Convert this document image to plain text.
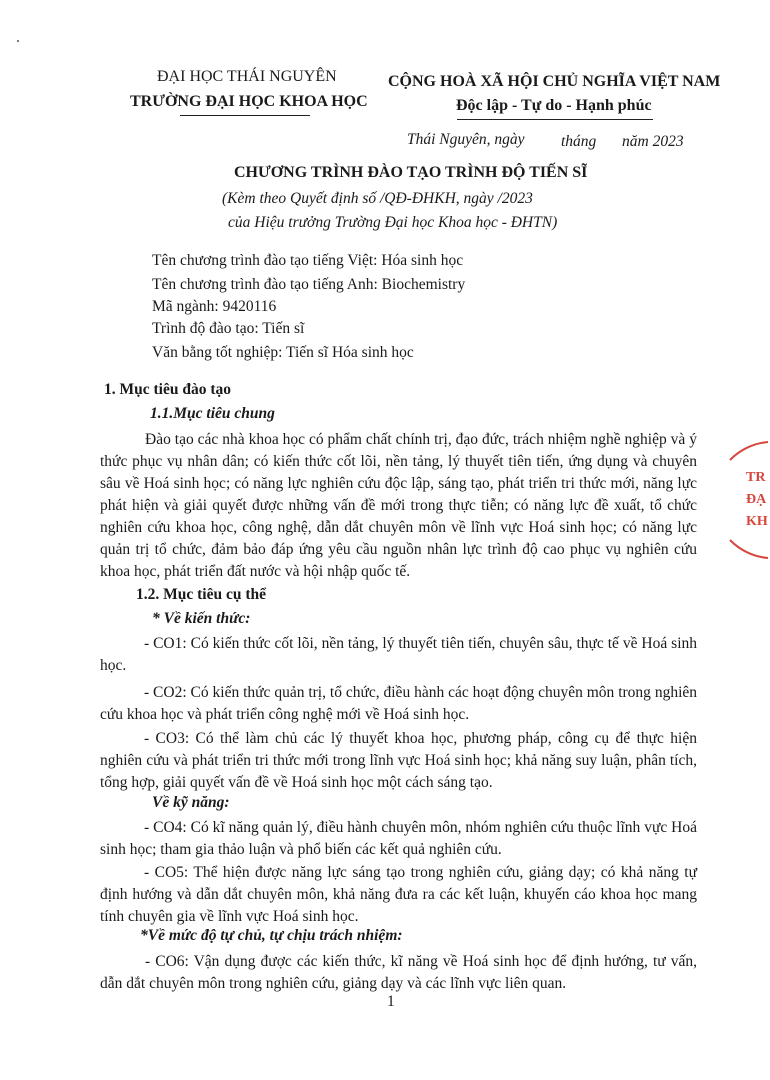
ĐẠI HỌC THÁI NGUYÊN
TRƯỜNG ĐẠI HỌC KHOA HỌC
CỘNG HOÀ XÃ HỘI CHỦ NGHĨA VIỆT NAM
Độc lập - Tự do - Hạnh phúc
Thái Nguyên, ngày tháng năm 2023
CHƯƠNG TRÌNH ĐÀO TẠO TRÌNH ĐỘ TIẾN SĨ
(Kèm theo Quyết định số /QĐ-ĐHKH, ngày /2023
của Hiệu trưởng Trường Đại học Khoa học - ĐHTN)
Tên chương trình đào tạo tiếng Việt: Hóa sinh học
Tên chương trình đào tạo tiếng Anh: Biochemistry
Mã ngành: 9420116
Trình độ đào tạo: Tiến sĩ
Văn bằng tốt nghiệp: Tiến sĩ Hóa sinh học
1. Mục tiêu đào tạo
1.1.Mục tiêu chung
Đào tạo các nhà khoa học có phẩm chất chính trị, đạo đức, trách nhiệm nghề nghiệp và ý thức phục vụ nhân dân; có kiến thức cốt lõi, nền tảng, lý thuyết tiên tiến, ứng dụng và chuyên sâu về Hoá sinh học; có năng lực nghiên cứu độc lập, sáng tạo, phát triển tri thức mới, năng lực phát hiện và giải quyết được những vấn đề mới trong thực tiễn; có năng lực đề xuất, tổ chức nghiên cứu khoa học, công nghệ, dẫn dắt chuyên môn về lĩnh vực Hoá sinh học; có năng lực quản trị tổ chức, đảm bảo đáp ứng yêu cầu nguồn nhân lực trình độ cao phục vụ nghiên cứu khoa học, phát triển đất nước và hội nhập quốc tế.
1.2. Mục tiêu cụ thể
* Về kiến thức:
- CO1: Có kiến thức cốt lõi, nền tảng, lý thuyết tiên tiến, chuyên sâu, thực tế về Hoá sinh học.
- CO2: Có kiến thức quản trị, tổ chức, điều hành các hoạt động chuyên môn trong nghiên cứu khoa học và phát triển công nghệ mới về Hoá sinh học.
- CO3: Có thể làm chủ các lý thuyết khoa học, phương pháp, công cụ để thực hiện nghiên cứu và phát triển tri thức mới trong lĩnh vực Hoá sinh học; khả năng suy luận, phân tích, tổng hợp, giải quyết vấn đề về Hoá sinh học một cách sáng tạo.
Về kỹ năng:
- CO4: Có kĩ năng quản lý, điều hành chuyên môn, nhóm nghiên cứu thuộc lĩnh vực Hoá sinh học; tham gia thảo luận và phổ biến các kết quả nghiên cứu.
- CO5: Thể hiện được năng lực sáng tạo trong nghiên cứu, giảng dạy; có khả năng tự định hướng và dẫn dắt chuyên môn, khả năng đưa ra các kết luận, khuyến cáo khoa học mang tính chuyên gia về lĩnh vực Hoá sinh học.
*Về mức độ tự chủ, tự chịu trách nhiệm:
- CO6: Vận dụng được các kiến thức, kĩ năng về Hoá sinh học để định hướng, tư vấn, dẫn dắt chuyên môn trong nghiên cứu, giảng dạy và các lĩnh vực liên quan.
1
TR
ĐẠ
KH
